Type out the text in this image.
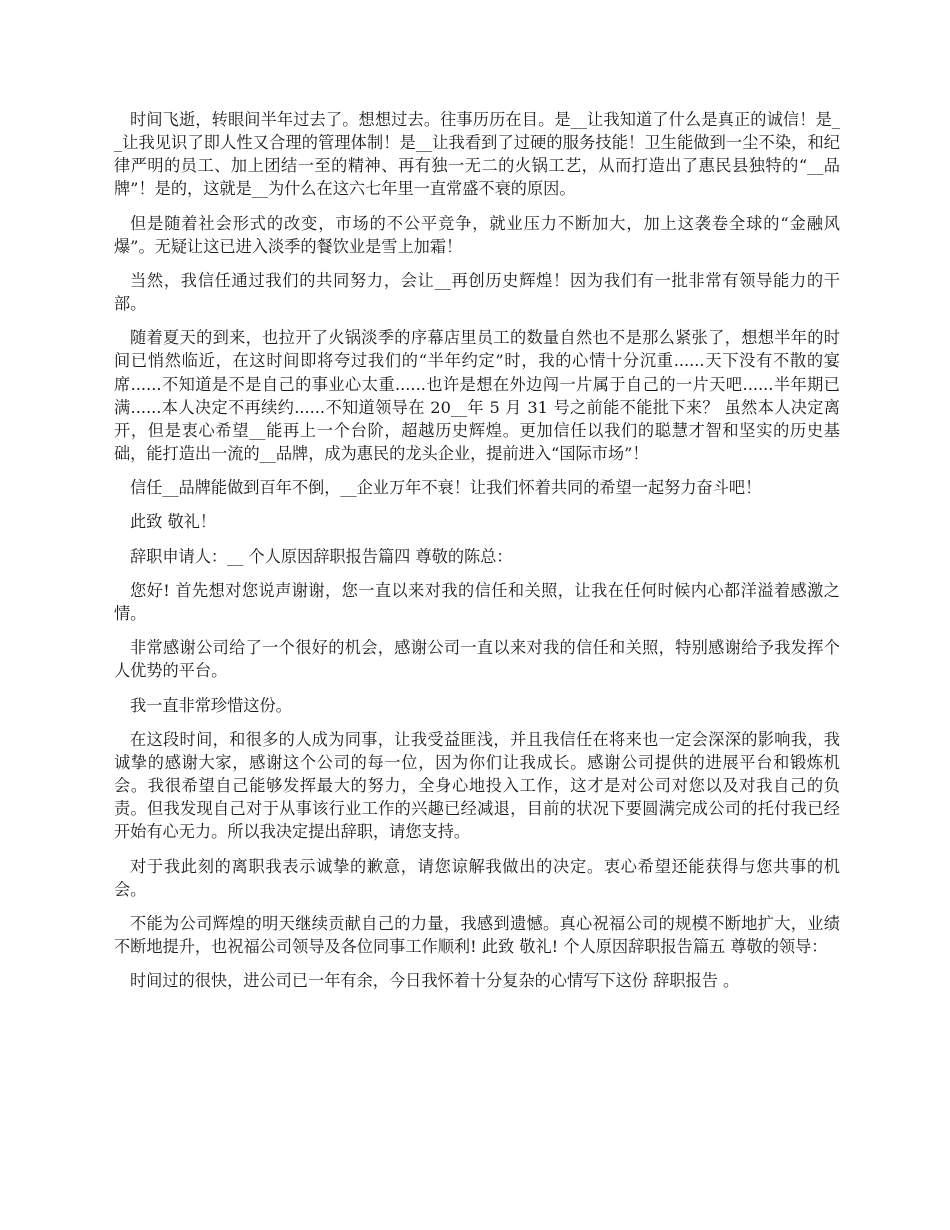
时间飞逝，转眼间半年过去了。想想过去。往事历历在目。是__让我知道了什么是真正的诚信！是__让我见识了即人性又合理的管理体制！是__让我看到了过硬的服务技能！卫生能做到一尘不染，和纪律严明的员工、加上团结一至的精神、再有独一无二的火锅工艺，从而打造出了惠民县独特的“__品牌”！是的，这就是__为什么在这六七年里一直常盛不衰的原因。

但是随着社会形式的改变，市场的不公平竞争，就业压力不断加大，加上这袭卷全球的“金融风爆”。无疑让这已进入淡季的餐饮业是雪上加霜！

当然，我信任通过我们的共同努力，会让__再创历史辉煌！因为我们有一批非常有领导能力的干部。

随着夏天的到来，也拉开了火锅淡季的序幕店里员工的数量自然也不是那么紧张了，想想半年的时间已悄然临近，在这时间即将夸过我们的“半年约定”时，我的心情十分沉重......天下没有不散的宴席......不知道是不是自己的事业心太重......也许是想在外边闯一片属于自己的一片天吧......半年期已满......本人决定不再续约......不知道领导在 20__年 5 月 31 号之前能不能批下来？ 虽然本人决定离开，但是衷心希望__能再上一个台阶，超越历史辉煌。更加信任以我们的聪慧才智和坚实的历史基础，能打造出一流的__品牌，成为惠民的龙头企业，提前进入“国际市场”！

信任__品牌能做到百年不倒，__企业万年不衰！让我们怀着共同的希望一起努力奋斗吧！

此致 敬礼！

辞职申请人：__ 个人原因辞职报告篇四 尊敬的陈总：

您好! 首先想对您说声谢谢，您一直以来对我的信任和关照，让我在任何时候内心都洋溢着感激之情。

非常感谢公司给了一个很好的机会，感谢公司一直以来对我的信任和关照，特别感谢给予我发挥个人优势的平台。

我一直非常珍惜这份。

在这段时间，和很多的人成为同事，让我受益匪浅，并且我信任在将来也一定会深深的影响我，我诚挚的感谢大家，感谢这个公司的每一位，因为你们让我成长。感谢公司提供的进展平台和锻炼机会。我很希望自己能够发挥最大的努力，全身心地投入工作，这才是对公司对您以及对我自己的负责。但我发现自己对于从事该行业工作的兴趣已经减退，目前的状况下要圆满完成公司的托付我已经开始有心无力。所以我决定提出辞职，请您支持。

对于我此刻的离职我表示诚挚的歉意，请您谅解我做出的决定。衷心希望还能获得与您共事的机会。

不能为公司辉煌的明天继续贡献自己的力量，我感到遗憾。真心祝福公司的规模不断地扩大，业绩不断地提升，也祝福公司领导及各位同事工作顺利! 此致 敬礼! 个人原因辞职报告篇五 尊敬的领导：

时间过的很快，进公司已一年有余，今日我怀着十分复杂的心情写下这份 辞职报告 。
